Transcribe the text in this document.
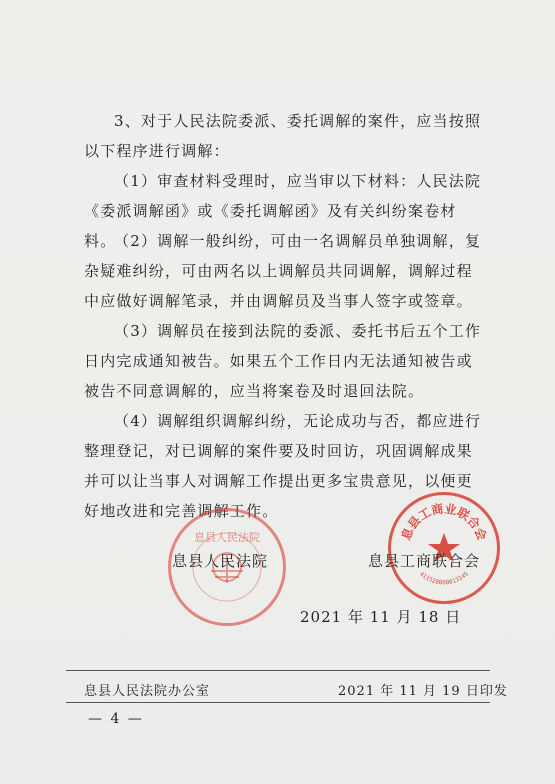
3、对于人民法院委派、委托调解的案件，应当按照以下程序进行调解：

（1）审查材料受理时，应当审以下材料：人民法院《委派调解函》或《委托调解函》及有关纠纷案卷材料。

（2）调解一般纠纷，可由一名调解员单独调解，复杂疑难纠纷，可由两名以上调解员共同调解，调解过程中应做好调解笔录，并由调解员及当事人签字或签章。

（3）调解员在接到法院的委派、委托书后五个工作日内完成通知被告。如果五个工作日内无法通知被告或被告不同意调解的，应当将案卷及时退回法院。

（4）调解组织调解纠纷，无论成功与否，都应进行整理登记，对已调解的案件要及时回访，巩固调解成果并可以让当事人对调解工作提出更多宝贵意见，以便更好地改进和完善调解工作。

息县人民法院	息县工商业联合会
411528000013145
息县人民法院	息县工商联合会
2021 年 11 月 18 日
息县人民法院办公室	2021 年 11 月 19 日印发
— 4 —
